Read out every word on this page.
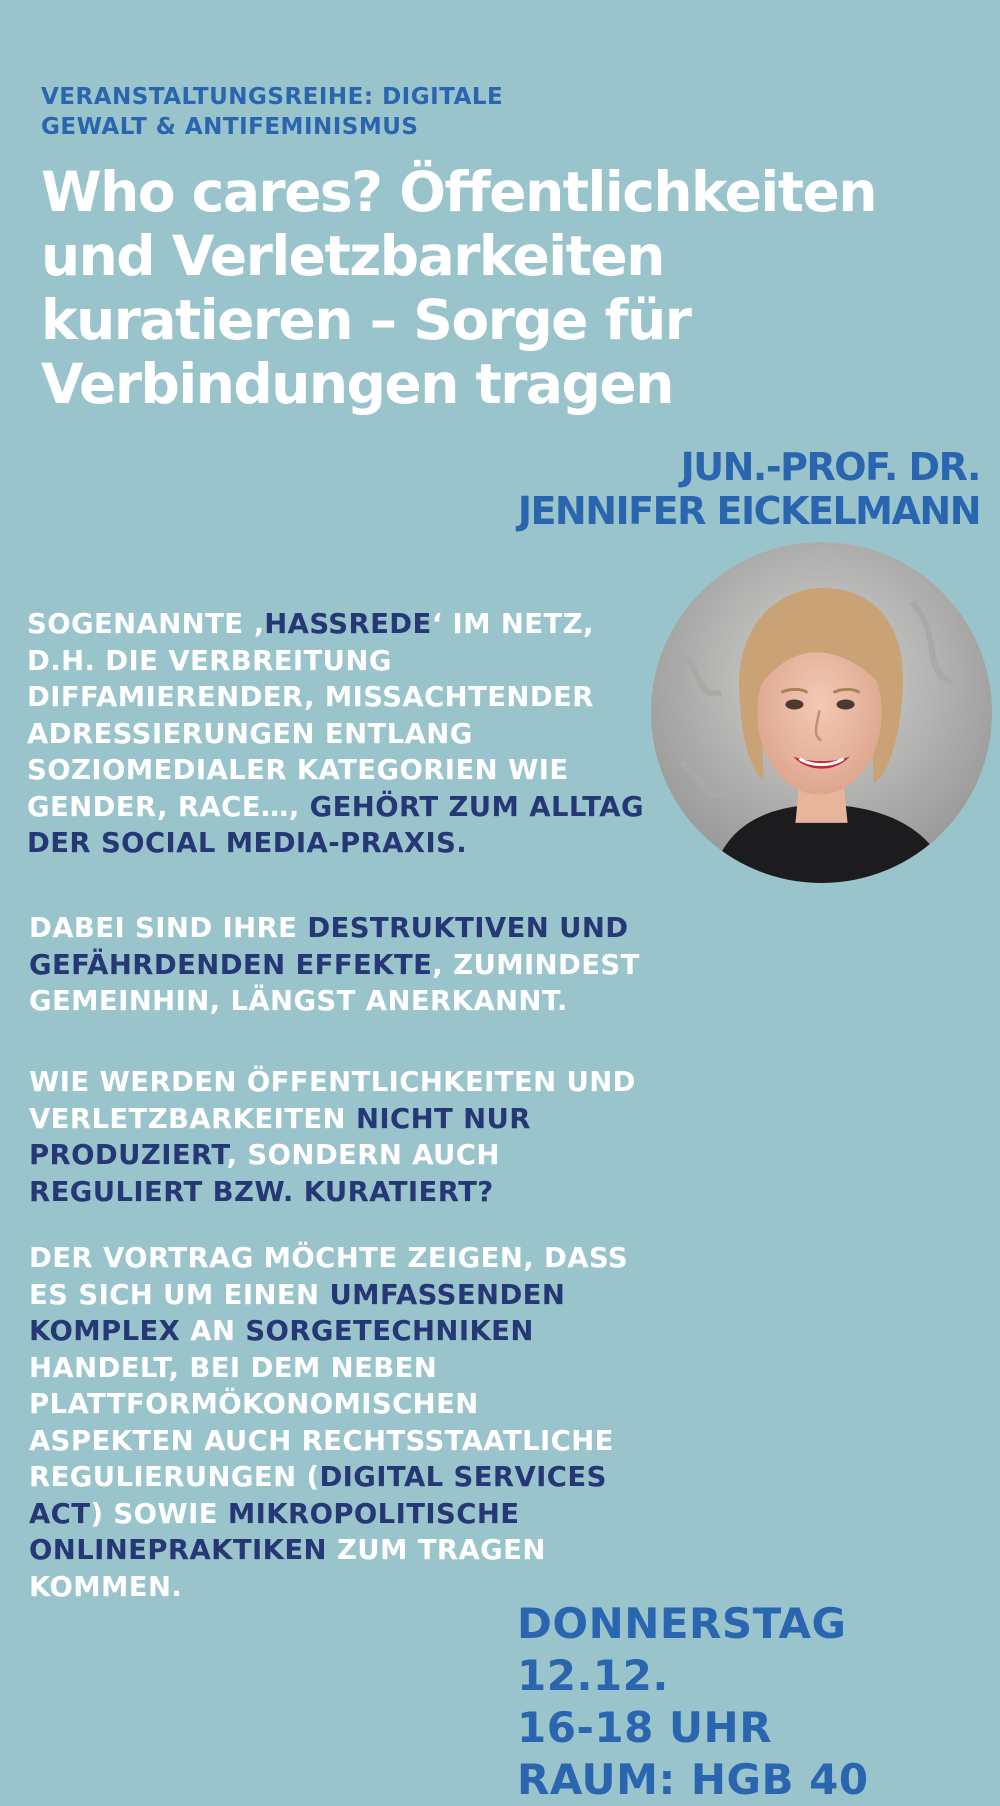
VERANSTALTUNGSREIHE: DIGITALE
GEWALT & ANTIFEMINISMUS
Who cares? Öffentlichkeiten
und Verletzbarkeiten
kuratieren – Sorge für
Verbindungen tragen
JUN.-PROF. DR.
JENNIFER EICKELMANN
SOGENANNTE ‚HASSREDE‘ IM NETZ, D.H. DIE VERBREITUNG DIFFAMIERENDER, MISSACHTENDER ADRESSIERUNGEN ENTLANG SOZIOMEDIALER KATEGORIEN WIE GENDER, RACE…, GEHÖRT ZUM ALLTAG DER SOCIAL MEDIA-PRAXIS.
DABEI SIND IHRE DESTRUKTIVEN UND GEFÄHRDENDEN EFFEKTE, ZUMINDEST GEMEINHIN, LÄNGST ANERKANNT.
WIE WERDEN ÖFFENTLICHKEITEN UND VERLETZBARKEITEN NICHT NUR PRODUZIERT, SONDERN AUCH REGULIERT BZW. KURATIERT?
DER VORTRAG MÖCHTE ZEIGEN, DASS ES SICH UM EINEN UMFASSENDEN KOMPLEX AN SORGETECHNIKEN HANDELT, BEI DEM NEBEN PLATTFORMÖKONOMISCHEN ASPEKTEN AUCH RECHTSSTAATLICHE REGULIERUNGEN (DIGITAL SERVICES ACT) SOWIE MIKROPOLITISCHE ONLINEPRAKTIKEN ZUM TRAGEN KOMMEN.
DONNERSTAG 12.12.
16-18 UHR
RAUM: HGB 40
